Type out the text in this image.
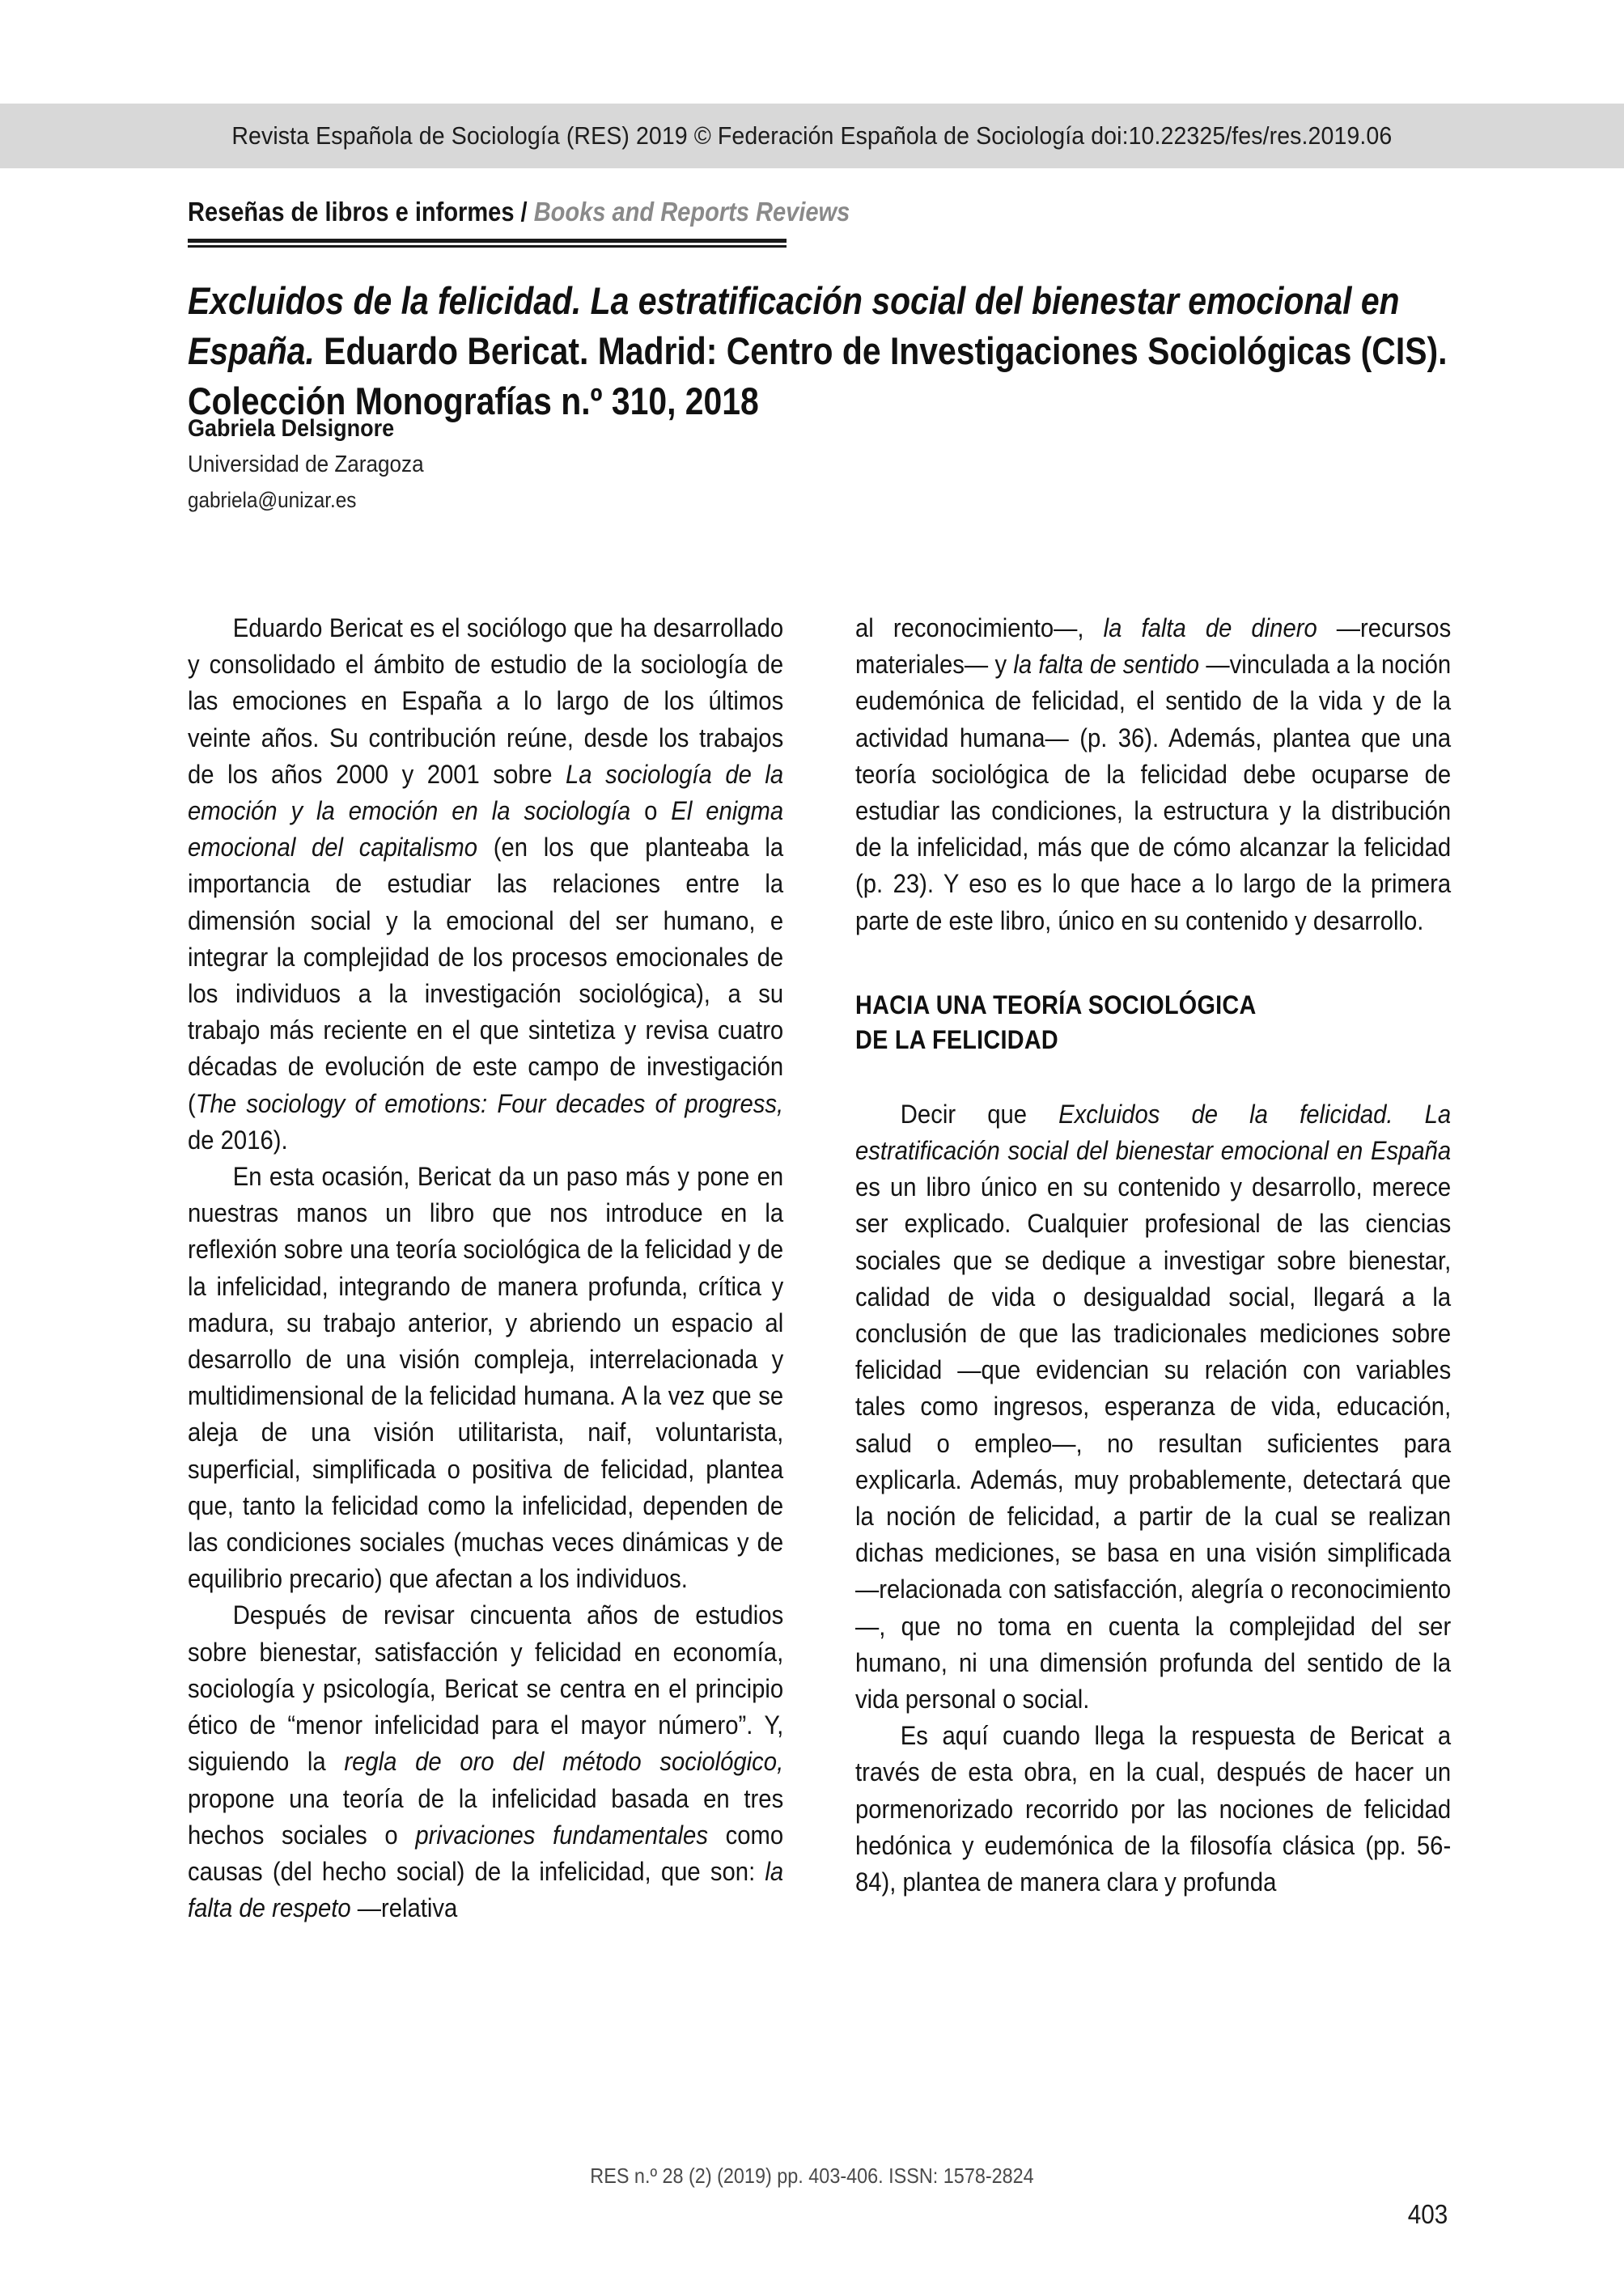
Revista Española de Sociología (RES) 2019 © Federación Española de Sociología doi:10.22325/fes/res.2019.06
Reseñas de libros e informes / Books and Reports Reviews
Excluidos de la felicidad. La estratificación social del bienestar emocional en España. Eduardo Bericat. Madrid: Centro de Investigaciones Sociológicas (CIS). Colección Monografías n.º 310, 2018
Gabriela Delsignore
Universidad de Zaragoza
gabriela@unizar.es

Eduardo Bericat es el sociólogo que ha desarrollado y consolidado el ámbito de estudio de la sociología de las emociones en España a lo largo de los últimos veinte años. Su contribución reúne, desde los trabajos de los años 2000 y 2001 sobre La sociología de la emoción y la emoción en la sociología o El enigma emocional del capitalismo (en los que planteaba la importancia de estudiar las relaciones entre la dimensión social y la emocional del ser humano, e integrar la complejidad de los procesos emocionales de los individuos a la investigación sociológica), a su trabajo más reciente en el que sintetiza y revisa cuatro décadas de evolución de este campo de investigación (The sociology of emotions: Four decades of progress, de 2016).

En esta ocasión, Bericat da un paso más y pone en nuestras manos un libro que nos introduce en la reflexión sobre una teoría sociológica de la felicidad y de la infelicidad, integrando de manera profunda, crítica y madura, su trabajo anterior, y abriendo un espacio al desarrollo de una visión compleja, interrelacionada y multidimensional de la felicidad humana. A la vez que se aleja de una visión utilitarista, naif, voluntarista, superficial, simplificada o positiva de felicidad, plantea que, tanto la felicidad como la infelicidad, dependen de las condiciones sociales (muchas veces dinámicas y de equilibrio precario) que afectan a los individuos.

Después de revisar cincuenta años de estudios sobre bienestar, satisfacción y felicidad en economía, sociología y psicología, Bericat se centra en el principio ético de “menor infelicidad para el mayor número”. Y, siguiendo la regla de oro del método sociológico, propone una teoría de la infelicidad basada en tres hechos sociales o privaciones fundamentales como causas (del hecho social) de la infelicidad, que son: la falta de respeto —relativa

al reconocimiento—, la falta de dinero —recursos materiales— y la falta de sentido —vinculada a la noción eudemónica de felicidad, el sentido de la vida y de la actividad humana— (p. 36). Además, plantea que una teoría sociológica de la felicidad debe ocuparse de estudiar las condiciones, la estructura y la distribución de la infelicidad, más que de cómo alcanzar la felicidad (p. 23). Y eso es lo que hace a lo largo de la primera parte de este libro, único en su contenido y desarrollo.

HACIA UNA TEORÍA SOCIOLÓGICA
DE LA FELICIDAD

Decir que Excluidos de la felicidad. La estratificación social del bienestar emocional en España es un libro único en su contenido y desarrollo, merece ser explicado. Cualquier profesional de las ciencias sociales que se dedique a investigar sobre bienestar, calidad de vida o desigualdad social, llegará a la conclusión de que las tradicionales mediciones sobre felicidad —que evidencian su relación con variables tales como ingresos, esperanza de vida, educación, salud o empleo—, no resultan suficientes para explicarla. Además, muy probablemente, detectará que la noción de felicidad, a partir de la cual se realizan dichas mediciones, se basa en una visión simplificada —relacionada con satisfacción, alegría o reconocimiento—, que no toma en cuenta la complejidad del ser humano, ni una dimensión profunda del sentido de la vida personal o social.

Es aquí cuando llega la respuesta de Bericat a través de esta obra, en la cual, después de hacer un pormenorizado recorrido por las nociones de felicidad hedónica y eudemónica de la filosofía clásica (pp. 56-84), plantea de manera clara y profunda

RES n.º 28 (2) (2019) pp. 403-406. ISSN: 1578-2824
403
